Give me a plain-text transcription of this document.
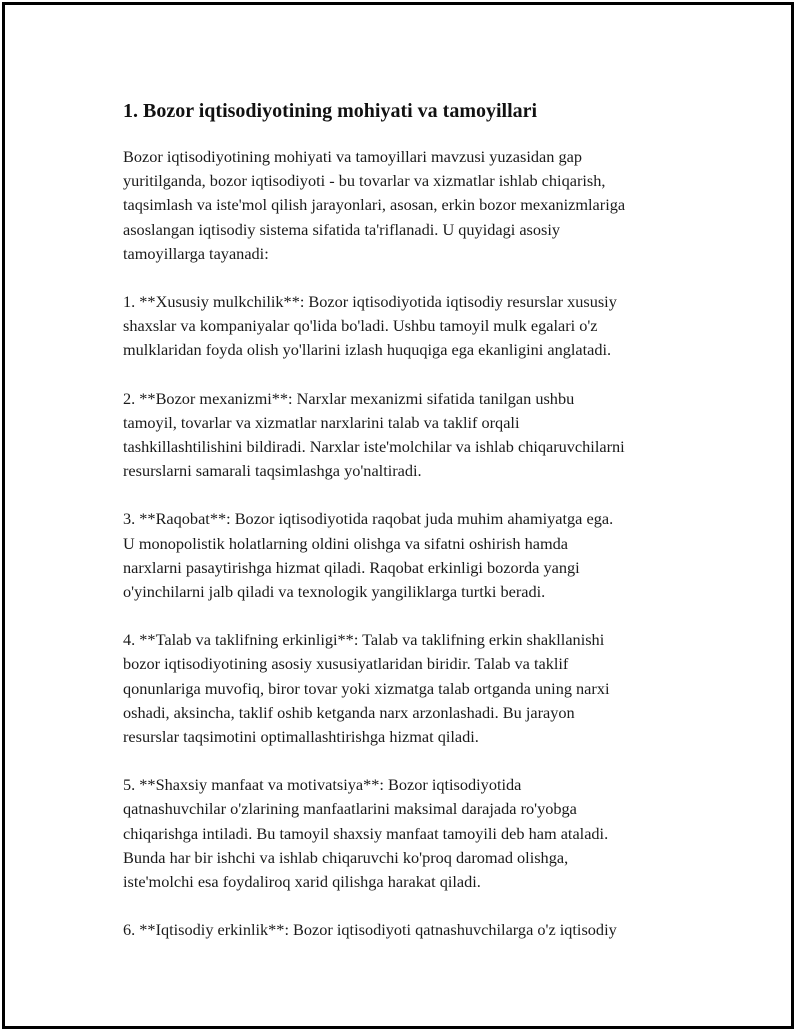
1. Bozor iqtisodiyotining mohiyati va tamoyillari
Bozor iqtisodiyotining mohiyati va tamoyillari mavzusi yuzasidan gap
yuritilganda, bozor iqtisodiyoti - bu tovarlar va xizmatlar ishlab chiqarish,
taqsimlash va iste'mol qilish jarayonlari, asosan, erkin bozor mexanizmlariga
asoslangan iqtisodiy sistema sifatida ta'riflanadi. U quyidagi asosiy
tamoyillarga tayanadi:
1. **Xususiy mulkchilik**: Bozor iqtisodiyotida iqtisodiy resurslar xususiy
shaxslar va kompaniyalar qo'lida bo'ladi. Ushbu tamoyil mulk egalari o'z
mulklaridan foyda olish yo'llarini izlash huquqiga ega ekanligini anglatadi.
2. **Bozor mexanizmi**: Narxlar mexanizmi sifatida tanilgan ushbu
tamoyil, tovarlar va xizmatlar narxlarini talab va taklif orqali
tashkillashtilishini bildiradi. Narxlar iste'molchilar va ishlab chiqaruvchilarni
resurslarni samarali taqsimlashga yo'naltiradi.
3. **Raqobat**: Bozor iqtisodiyotida raqobat juda muhim ahamiyatga ega.
U monopolistik holatlarning oldini olishga va sifatni oshirish hamda
narxlarni pasaytirishga hizmat qiladi. Raqobat erkinligi bozorda yangi
o'yinchilarni jalb qiladi va texnologik yangiliklarga turtki beradi.
4. **Talab va taklifning erkinligi**: Talab va taklifning erkin shakllanishi
bozor iqtisodiyotining asosiy xususiyatlaridan biridir. Talab va taklif
qonunlariga muvofiq, biror tovar yoki xizmatga talab ortganda uning narxi
oshadi, aksincha, taklif oshib ketganda narx arzonlashadi. Bu jarayon
resurslar taqsimotini optimallashtirishga hizmat qiladi.
5. **Shaxsiy manfaat va motivatsiya**: Bozor iqtisodiyotida
qatnashuvchilar o'zlarining manfaatlarini maksimal darajada ro'yobga
chiqarishga intiladi. Bu tamoyil shaxsiy manfaat tamoyili deb ham ataladi.
Bunda har bir ishchi va ishlab chiqaruvchi ko'proq daromad olishga,
iste'molchi esa foydaliroq xarid qilishga harakat qiladi.
6. **Iqtisodiy erkinlik**: Bozor iqtisodiyoti qatnashuvchilarga o'z iqtisodiy
